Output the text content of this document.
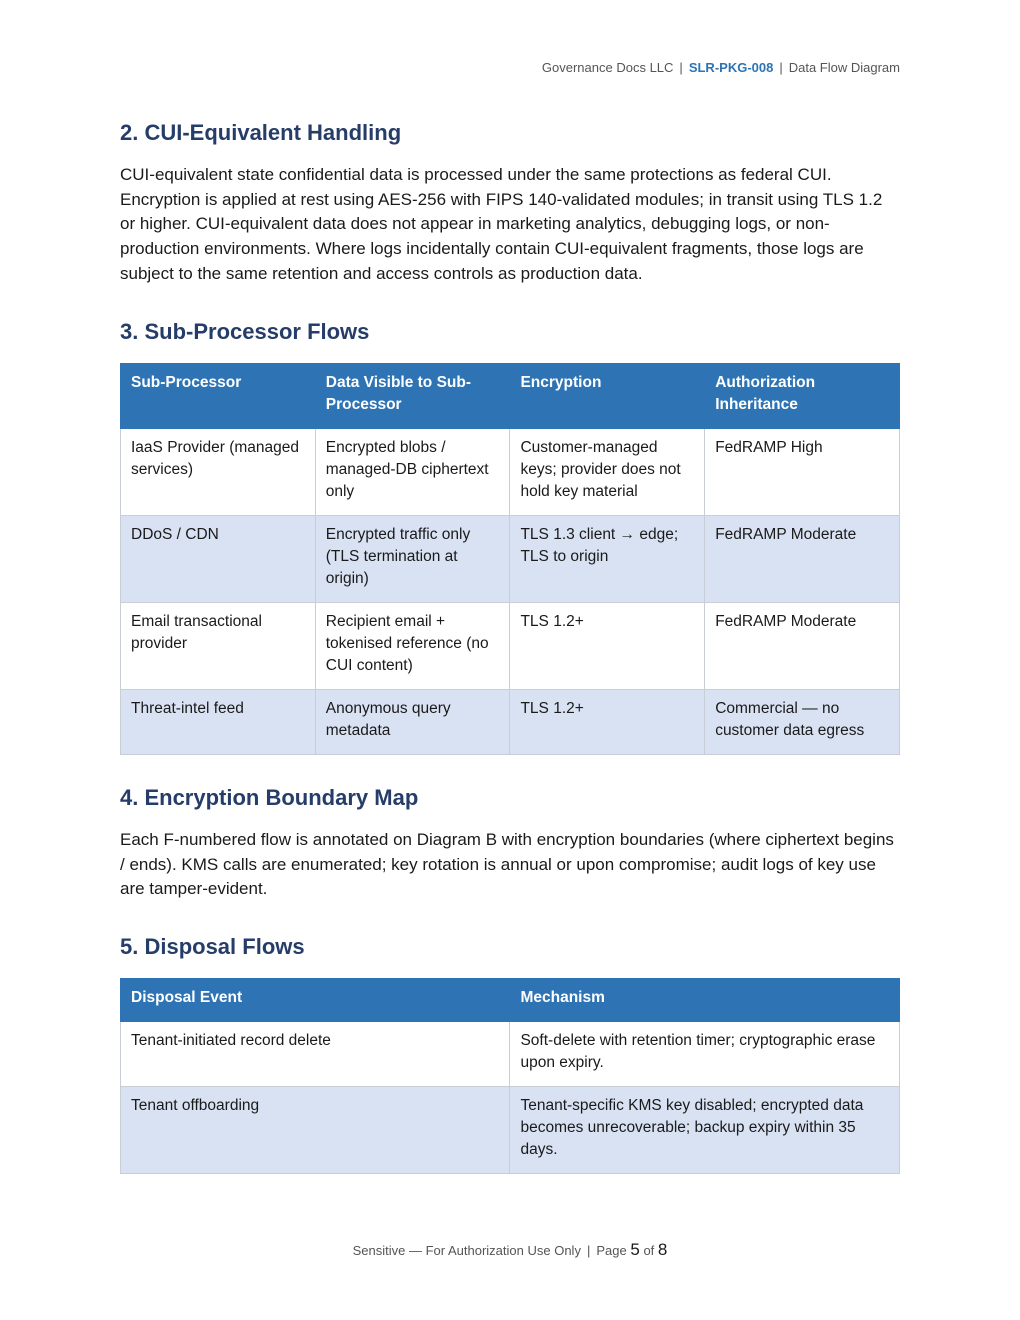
Governance Docs LLC | SLR-PKG-008 | Data Flow Diagram
2. CUI-Equivalent Handling

CUI-equivalent state confidential data is processed under the same protections as federal CUI. Encryption is applied at rest using AES-256 with FIPS 140-validated modules; in transit using TLS 1.2 or higher. CUI-equivalent data does not appear in marketing analytics, debugging logs, or non-production environments. Where logs incidentally contain CUI-equivalent fragments, those logs are subject to the same retention and access controls as production data.

3. Sub-Processor Flows
Sub-Processor	Data Visible to Sub-Processor	Encryption	Authorization Inheritance
IaaS Provider (managed services)	Encrypted blobs / managed-DB ciphertext only	Customer-managed keys; provider does not hold key material	FedRAMP High
DDoS / CDN	Encrypted traffic only (TLS termination at origin)	TLS 1.3 client → edge; TLS to origin	FedRAMP Moderate
Email transactional provider	Recipient email + tokenised reference (no CUI content)	TLS 1.2+	FedRAMP Moderate
Threat-intel feed	Anonymous query metadata	TLS 1.2+	Commercial — no customer data egress
4. Encryption Boundary Map

Each F-numbered flow is annotated on Diagram B with encryption boundaries (where ciphertext begins / ends). KMS calls are enumerated; key rotation is annual or upon compromise; audit logs of key use are tamper-evident.

5. Disposal Flows
Disposal Event	Mechanism
Tenant-initiated record delete	Soft-delete with retention timer; cryptographic erase upon expiry.
Tenant offboarding	Tenant-specific KMS key disabled; encrypted data becomes unrecoverable; backup expiry within 35 days.
Sensitive — For Authorization Use Only | Page 5 of 8
